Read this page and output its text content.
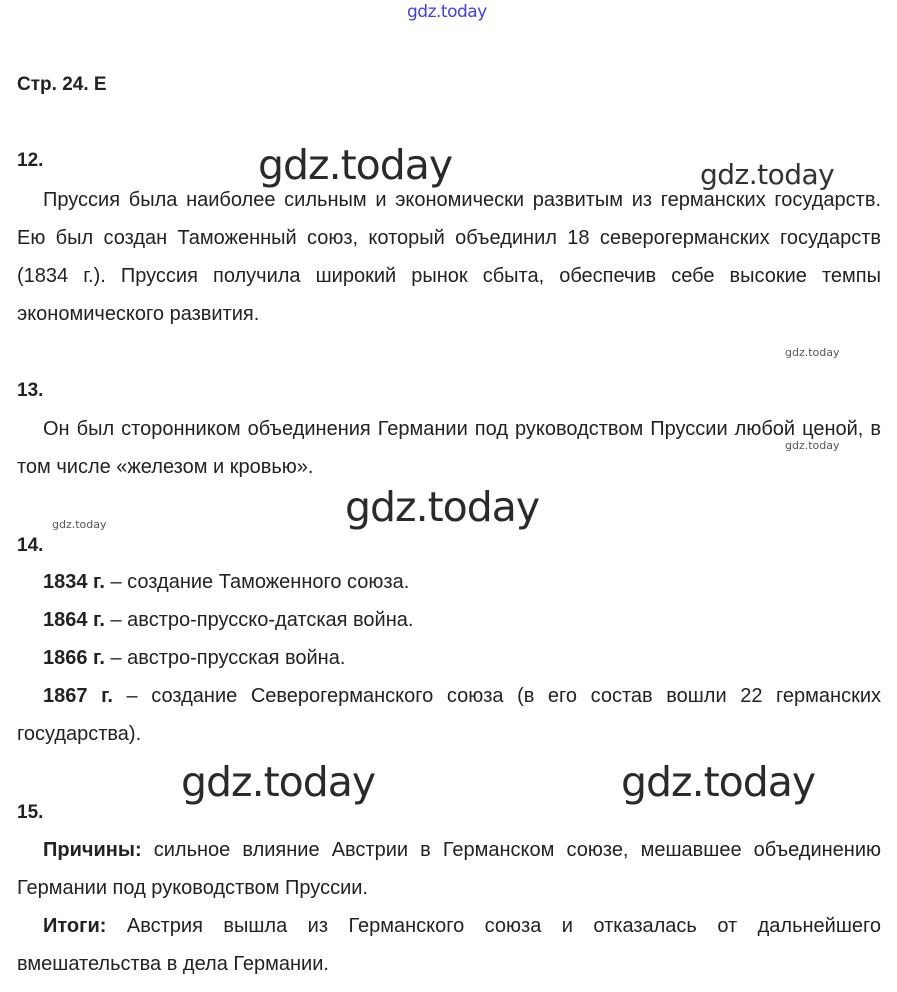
gdz.today
Стр. 24. Е
12.	gdz.today	gdz.today
Пруссия была наиболее сильным и экономически развитым из германских государств. Ею был создан Таможенный союз, который объединил 18 северогерманских государств (1834 г.). Пруссия получила широкий рынок сбыта, обеспечив себе высокие темпы экономического развития.
gdz.today
13.
Он был сторонником объединения Германии под руководством Пруссии любой ценой, в том числе «железом и кровью».
gdz.today
gdz.today
gdz.today
14.
1834 г. – создание Таможенного союза.
1864 г. – австро-прусско-датская война.
1866 г. – австро-прусская война.
1867 г. – создание Северогерманского союза (в его состав вошли 22 германских государства).
gdz.today	gdz.today
15.
Причины: сильное влияние Австрии в Германском союзе, мешавшее объединению Германии под руководством Пруссии.
Итоги: Австрия вышла из Германского союза и отказалась от дальнейшего вмешательства в дела Германии.
